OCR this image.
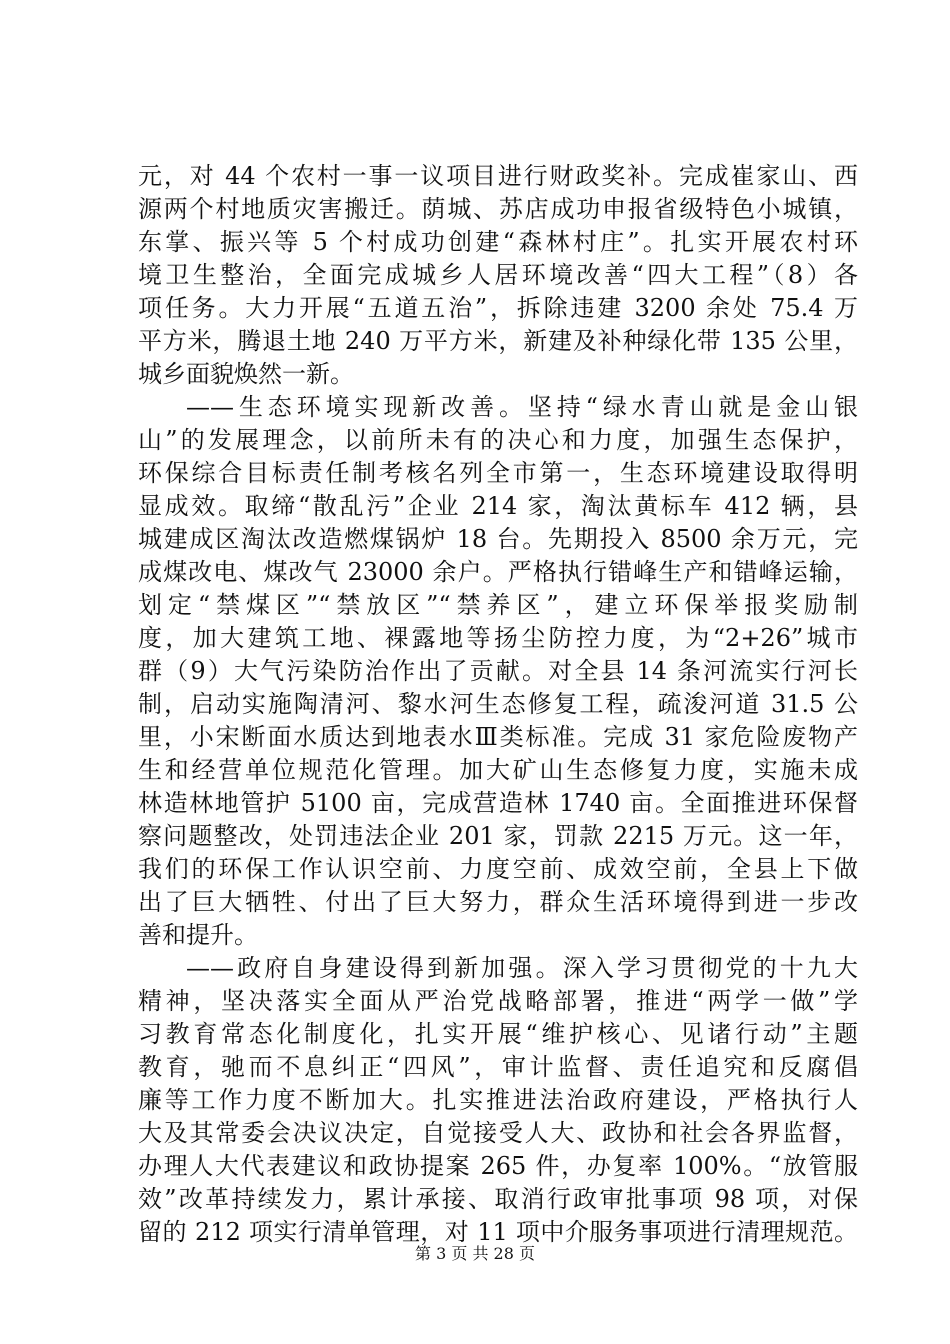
元，对 44 个农村一事一议项目进行财政奖补。完成崔家山、西
源两个村地质灾害搬迁。荫城、苏店成功申报省级特色小城镇，
东掌、振兴等 5 个村成功创建“森林村庄”。扎实开展农村环
境卫生整治，全面完成城乡人居环境改善“四大工程”（8）各
项任务。大力开展“五道五治”，拆除违建 3200 余处 75.4 万
平方米，腾退土地 240 万平方米，新建及补种绿化带 135 公里，
城乡面貌焕然一新。
——生态环境实现新改善。坚持“绿水青山就是金山银
山”的发展理念，以前所未有的决心和力度，加强生态保护，
环保综合目标责任制考核名列全市第一，生态环境建设取得明
显成效。取缔“散乱污”企业 214 家，淘汰黄标车 412 辆，县
城建成区淘汰改造燃煤锅炉 18 台。先期投入 8500 余万元，完
成煤改电、煤改气 23000 余户。严格执行错峰生产和错峰运输，
划定“禁煤区”“禁放区”“禁养区”，建立环保举报奖励制
度，加大建筑工地、裸露地等扬尘防控力度，为“2+26”城市
群（9）大气污染防治作出了贡献。对全县 14 条河流实行河长
制，启动实施陶清河、黎水河生态修复工程，疏浚河道 31.5 公
里，小宋断面水质达到地表水Ⅲ类标准。完成 31 家危险废物产
生和经营单位规范化管理。加大矿山生态修复力度，实施未成
林造林地管护 5100 亩，完成营造林 1740 亩。全面推进环保督
察问题整改，处罚违法企业 201 家，罚款 2215 万元。这一年，
我们的环保工作认识空前、力度空前、成效空前，全县上下做
出了巨大牺牲、付出了巨大努力，群众生活环境得到进一步改
善和提升。
——政府自身建设得到新加强。深入学习贯彻党的十九大
精神，坚决落实全面从严治党战略部署，推进“两学一做”学
习教育常态化制度化，扎实开展“维护核心、见诸行动”主题
教育，驰而不息纠正“四风”，审计监督、责任追究和反腐倡
廉等工作力度不断加大。扎实推进法治政府建设，严格执行人
大及其常委会决议决定，自觉接受人大、政协和社会各界监督，
办理人大代表建议和政协提案 265 件，办复率 100%。“放管服
效”改革持续发力，累计承接、取消行政审批事项 98 项，对保
留的 212 项实行清单管理，对 11 项中介服务事项进行清理规范。
第 3 页 共 28 页
